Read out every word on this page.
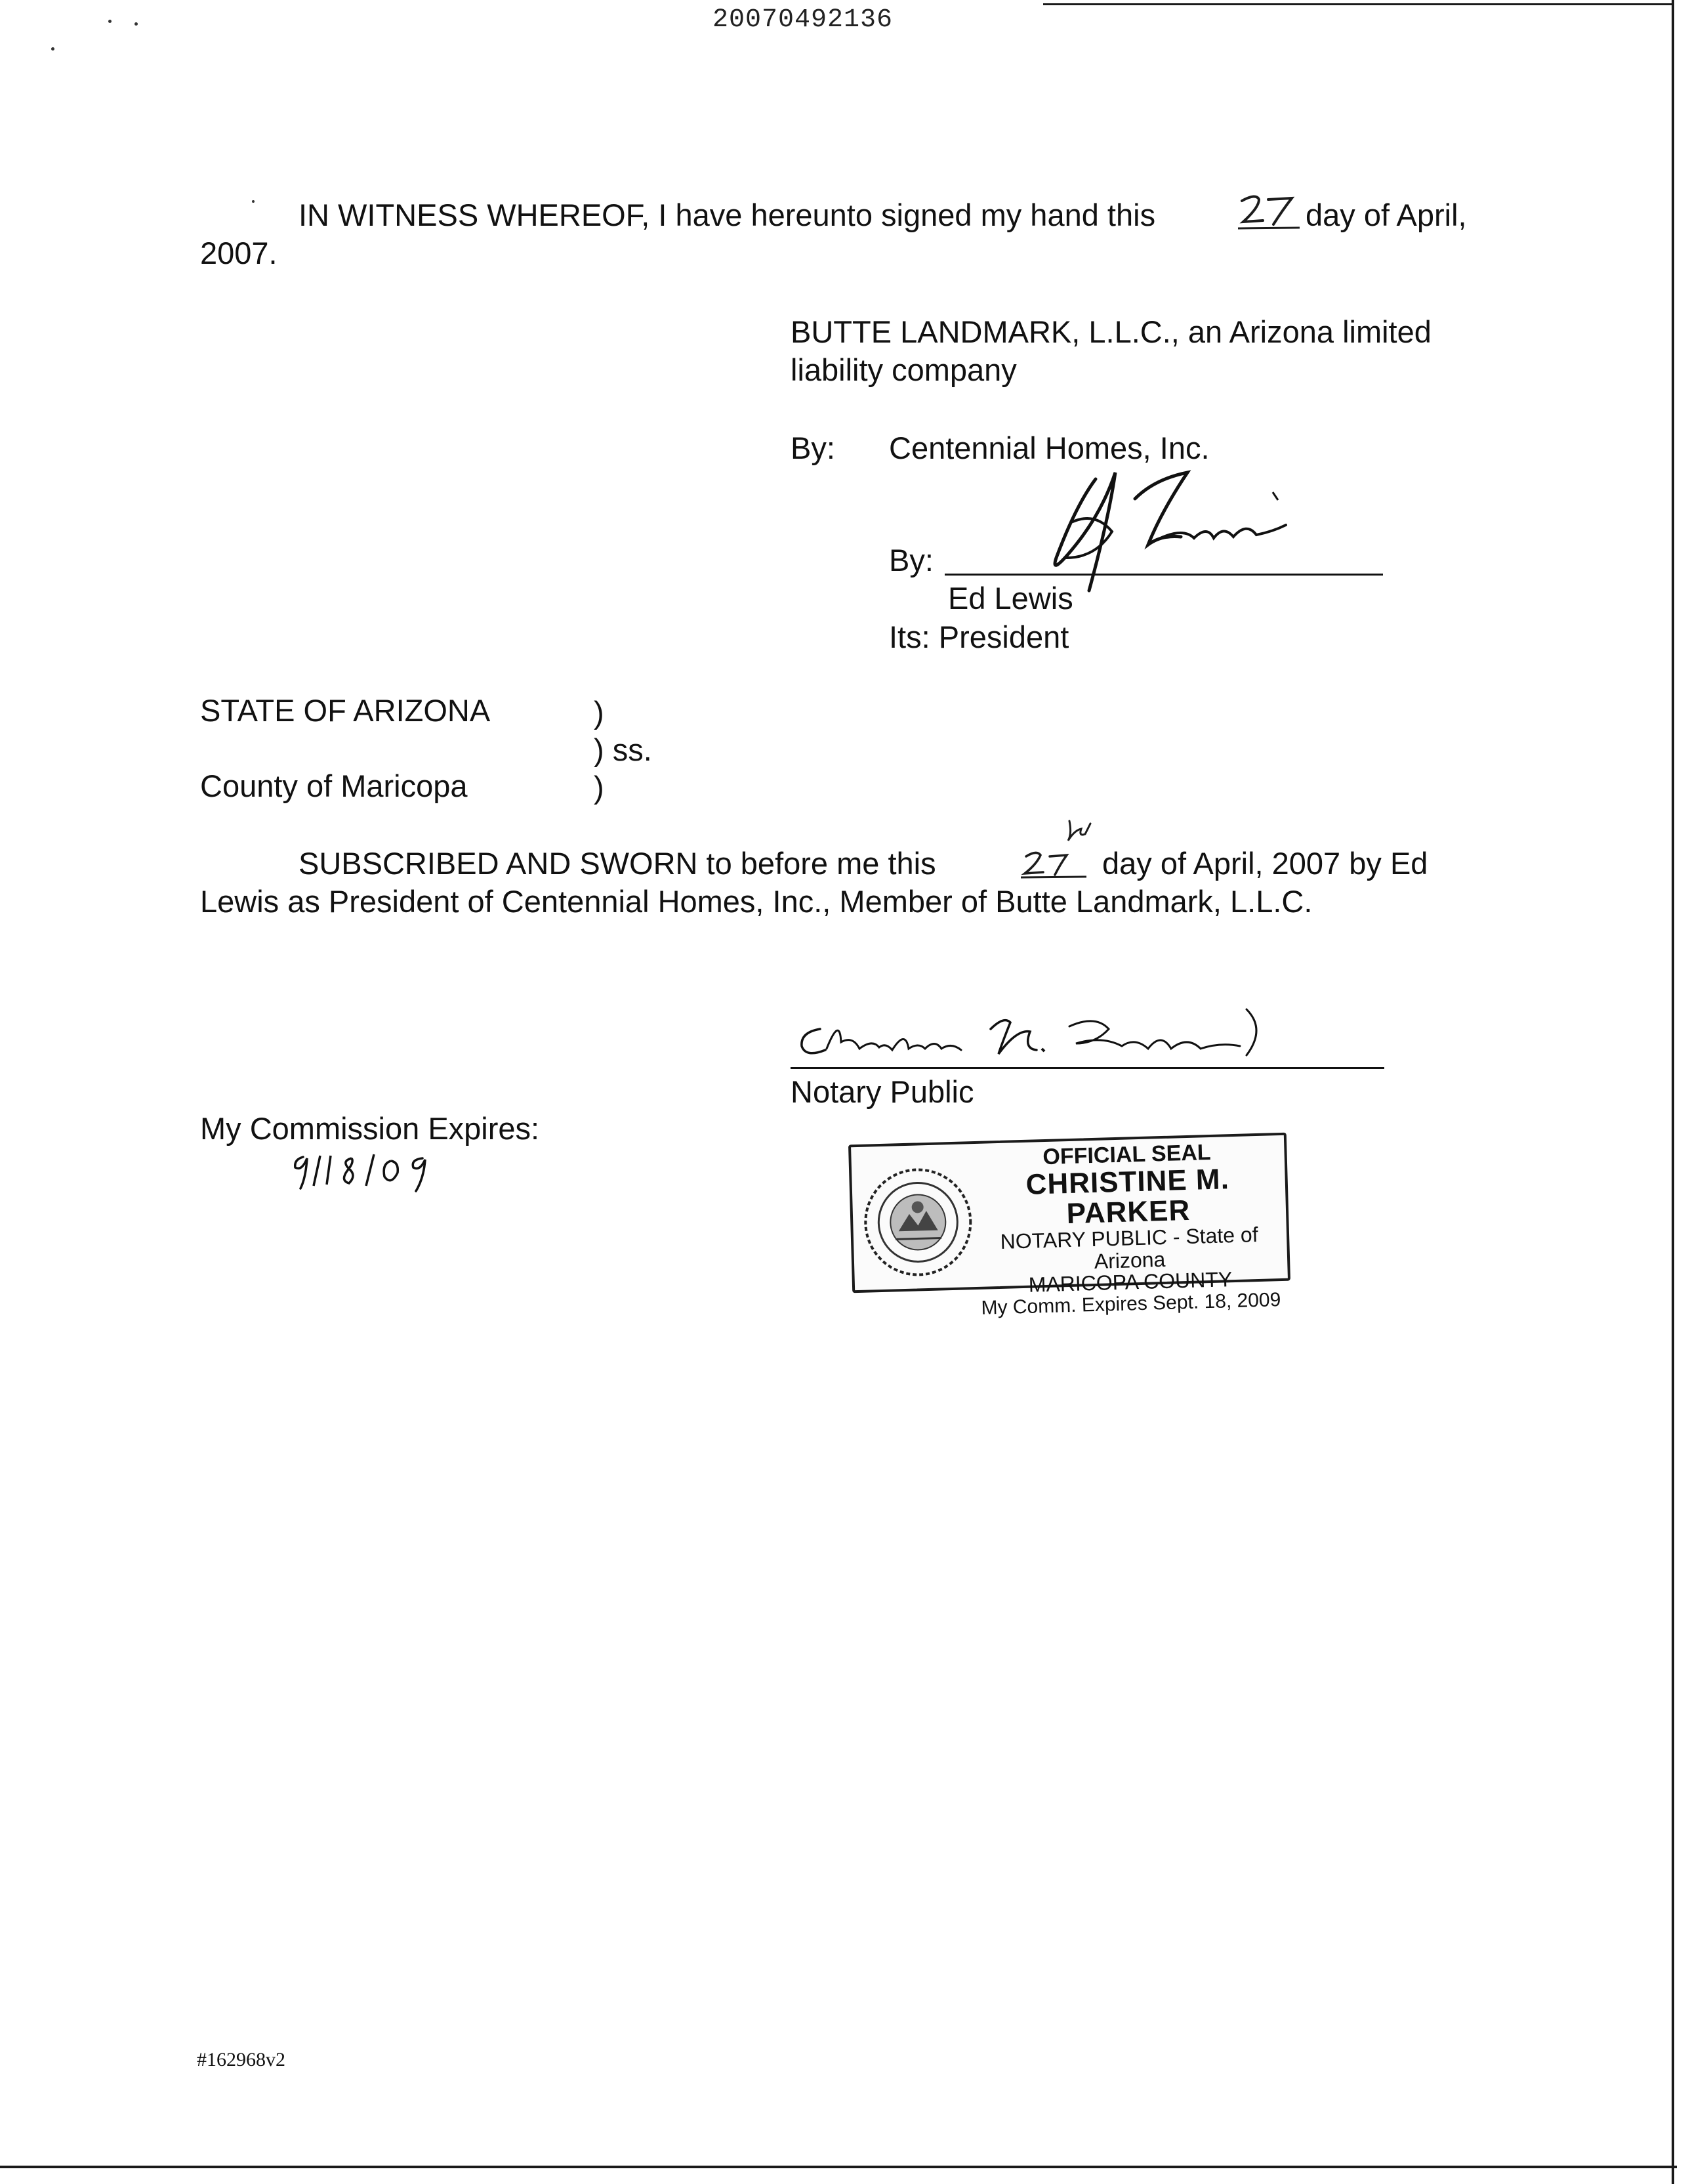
20070492136
IN WITNESS WHEREOF, I have hereunto signed my hand this	day of April,
2007.
BUTTE LANDMARK, L.L.C., an Arizona limited
liability company
By: Centennial Homes, Inc.
By:
Ed Lewis
Its: President
STATE OF ARIZONA	)
) ss.
County of Maricopa	)
SUBSCRIBED AND SWORN to before me this	day of April, 2007 by Ed
Lewis as President of Centennial Homes, Inc., Member of Butte Landmark, L.L.C.
Notary Public
My Commission Expires:
OFFICIAL SEAL
CHRISTINE M. PARKER
NOTARY PUBLIC - State of Arizona
MARICOPA COUNTY
My Comm. Expires Sept. 18, 2009
#162968v2
